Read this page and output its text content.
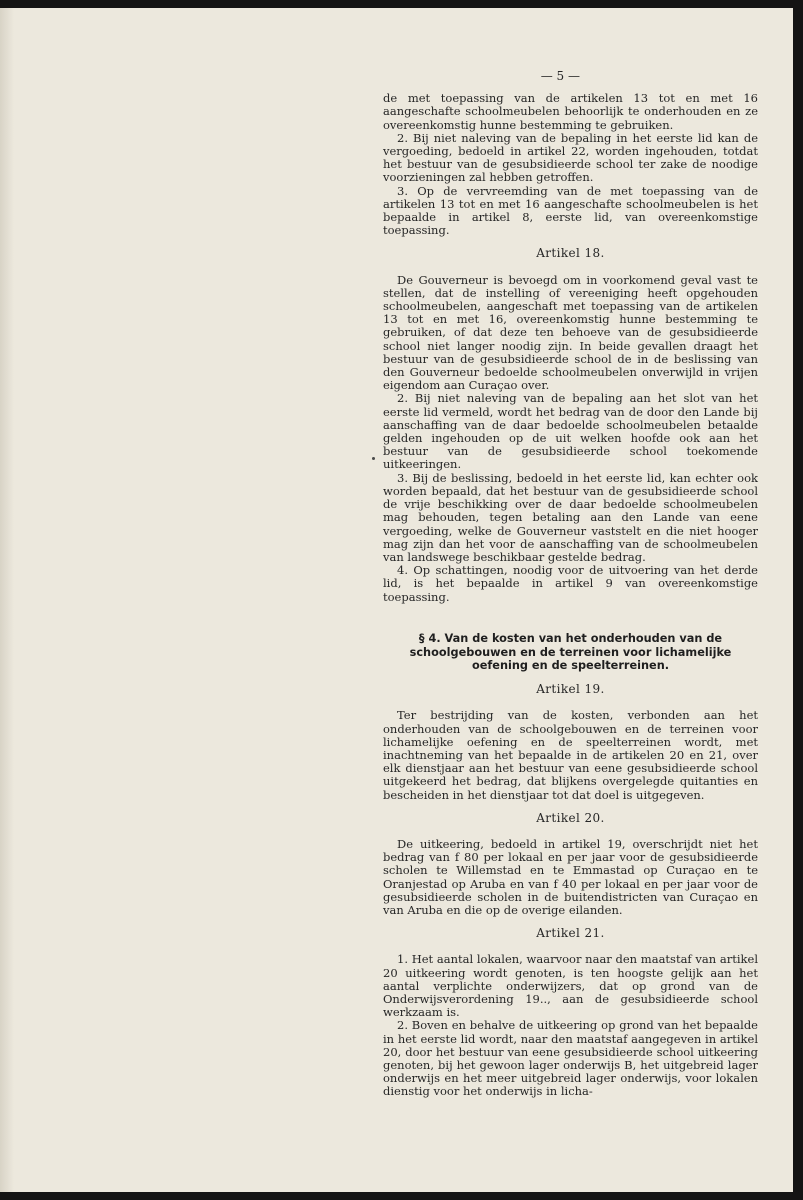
— 5 —

de met toepassing van de artikelen 13 tot en met 16 aangeschafte schoolmeubelen behoorlijk te onderhouden en ze overeenkomstig hunne bestemming te gebruiken.

2. Bij niet naleving van de bepaling in het eerste lid kan de vergoeding, bedoeld in artikel 22, worden ingehouden, totdat het bestuur van de gesubsidieerde school ter zake de noodige voorzieningen zal hebben getroffen.

3. Op de vervreemding van de met toepassing van de artikelen 13 tot en met 16 aangeschafte schoolmeubelen is het bepaalde in artikel 8, eerste lid, van overeenkomstige toepassing.

Artikel 18.

De Gouverneur is bevoegd om in voorkomend geval vast te stellen, dat de instelling of vereeniging heeft opgehouden schoolmeubelen, aangeschaft met toepassing van de artikelen 13 tot en met 16, overeenkomstig hunne bestemming te gebruiken, of dat deze ten behoeve van de gesubsidieerde school niet langer noodig zijn. In beide gevallen draagt het bestuur van de gesubsidieerde school de in de beslissing van den Gouverneur bedoelde schoolmeubelen onverwijld in vrijen eigendom aan Curaçao over.

2. Bij niet naleving van de bepaling aan het slot van het eerste lid vermeld, wordt het bedrag van de door den Lande bij aanschaffing van de daar bedoelde schoolmeubelen betaalde gelden ingehouden op de uit welken hoofde ook aan het bestuur van de gesubsidieerde school toekomende uitkeeringen.

3. Bij de beslissing, bedoeld in het eerste lid, kan echter ook worden bepaald, dat het bestuur van de gesubsidieerde school de vrije beschikking over de daar bedoelde schoolmeubelen mag behouden, tegen betaling aan den Lande van eene vergoeding, welke de Gouverneur vaststelt en die niet hooger mag zijn dan het voor de aanschaffing van de schoolmeubelen van landswege beschikbaar gestelde bedrag.

4. Op schattingen, noodig voor de uitvoering van het derde lid, is het bepaalde in artikel 9 van overeenkomstige toepassing.

§ 4. Van de kosten van het onderhouden van de schoolgebouwen en de terreinen voor lichamelijke oefening en de speelterreinen.
Artikel 19.

Ter bestrijding van de kosten, verbonden aan het onderhouden van de schoolgebouwen en de terreinen voor lichamelijke oefening en de speelterreinen wordt, met inachtneming van het bepaalde in de artikelen 20 en 21, over elk dienstjaar aan het bestuur van eene gesubsidieerde school uitgekeerd het bedrag, dat blijkens overgelegde quitanties en bescheiden in het dienstjaar tot dat doel is uitgegeven.

Artikel 20.

De uitkeering, bedoeld in artikel 19, overschrijdt niet het bedrag van f 80 per lokaal en per jaar voor de gesubsidieerde scholen te Willemstad en te Emmastad op Curaçao en te Oranjestad op Aruba en van f 40 per lokaal en per jaar voor de gesubsidieerde scholen in de buitendistricten van Curaçao en van Aruba en die op de overige eilanden.

Artikel 21.

1. Het aantal lokalen, waarvoor naar den maatstaf van artikel 20 uitkeering wordt genoten, is ten hoogste gelijk aan het aantal verplichte onderwijzers, dat op grond van de Onderwijsverordening 19.., aan de gesubsidieerde school werkzaam is.

2. Boven en behalve de uitkeering op grond van het bepaalde in het eerste lid wordt, naar den maatstaf aangegeven in artikel 20, door het bestuur van eene gesubsidieerde school uitkeering genoten, bij het gewoon lager onderwijs B, het uitgebreid lager onderwijs en het meer uitgebreid lager onderwijs, voor lokalen dienstig voor het onderwijs in licha-
